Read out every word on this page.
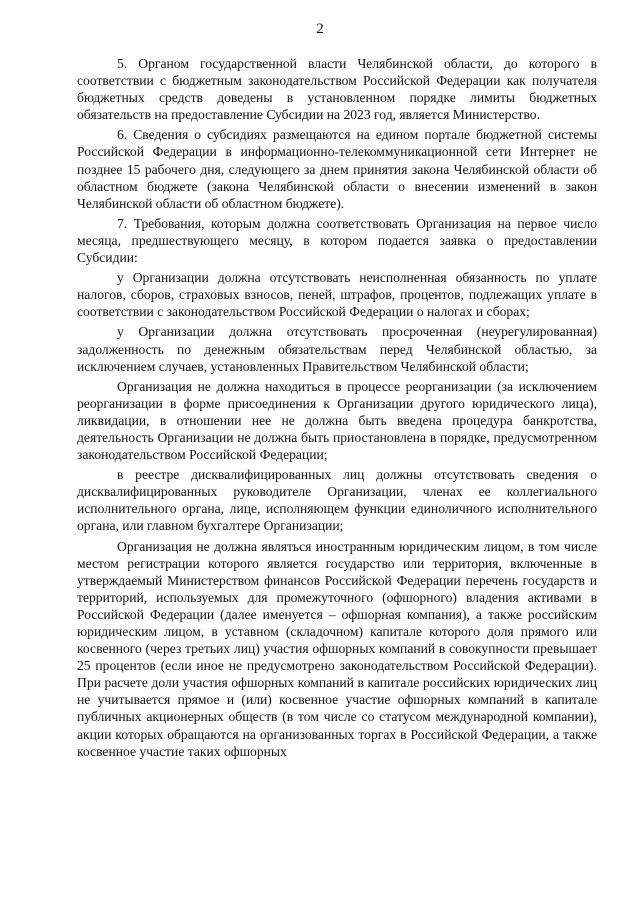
2

5. Органом государственной власти Челябинской области, до которого в соответствии с бюджетным законодательством Российской Федерации как получателя бюджетных средств доведены в установленном порядке лимиты бюджетных обязательств на предоставление Субсидии на 2023 год, является Министерство.

6. Сведения о субсидиях размещаются на едином портале бюджетной системы Российской Федерации в информационно-телекоммуникационной сети Интернет не позднее 15 рабочего дня, следующего за днем принятия закона Челябинской области об областном бюджете (закона Челябинской области о внесении изменений в закон Челябинской области об областном бюджете).

7. Требования, которым должна соответствовать Организация на первое число месяца, предшествующего месяцу, в котором подается заявка о предоставлении Субсидии:

у Организации должна отсутствовать неисполненная обязанность по уплате налогов, сборов, страховых взносов, пеней, штрафов, процентов, подлежащих уплате в соответствии с законодательством Российской Федерации о налогах и сборах;

у Организации должна отсутствовать просроченная (неурегулированная) задолженность по денежным обязательствам перед Челябинской областью, за исключением случаев, установленных Правительством Челябинской области;

Организация не должна находиться в процессе реорганизации (за исключением реорганизации в форме присоединения к Организации другого юридического лица), ликвидации, в отношении нее не должна быть введена процедура банкротства, деятельность Организации не должна быть приостановлена в порядке, предусмотренном законодательством Российской Федерации;

в реестре дисквалифицированных лиц должны отсутствовать сведения о дисквалифицированных руководителе Организации, членах ее коллегиального исполнительного органа, лице, исполняющем функции единоличного исполнительного органа, или главном бухгалтере Организации;

Организация не должна являться иностранным юридическим лицом, в том числе местом регистрации которого является государство или территория, включенные в утверждаемый Министерством финансов Российской Федерации перечень государств и территорий, используемых для промежуточного (офшорного) владения активами в Российской Федерации (далее именуется – офшорная компания), а также российским юридическим лицом, в уставном (складочном) капитале которого доля прямого или косвенного (через третьих лиц) участия офшорных компаний в совокупности превышает 25 процентов (если иное не предусмотрено законодательством Российской Федерации). При расчете доли участия офшорных компаний в капитале российских юридических лиц не учитывается прямое и (или) косвенное участие офшорных компаний в капитале публичных акционерных обществ (в том числе со статусом международной компании), акции которых обращаются на организованных торгах в Российской Федерации, а также косвенное участие таких офшорных
